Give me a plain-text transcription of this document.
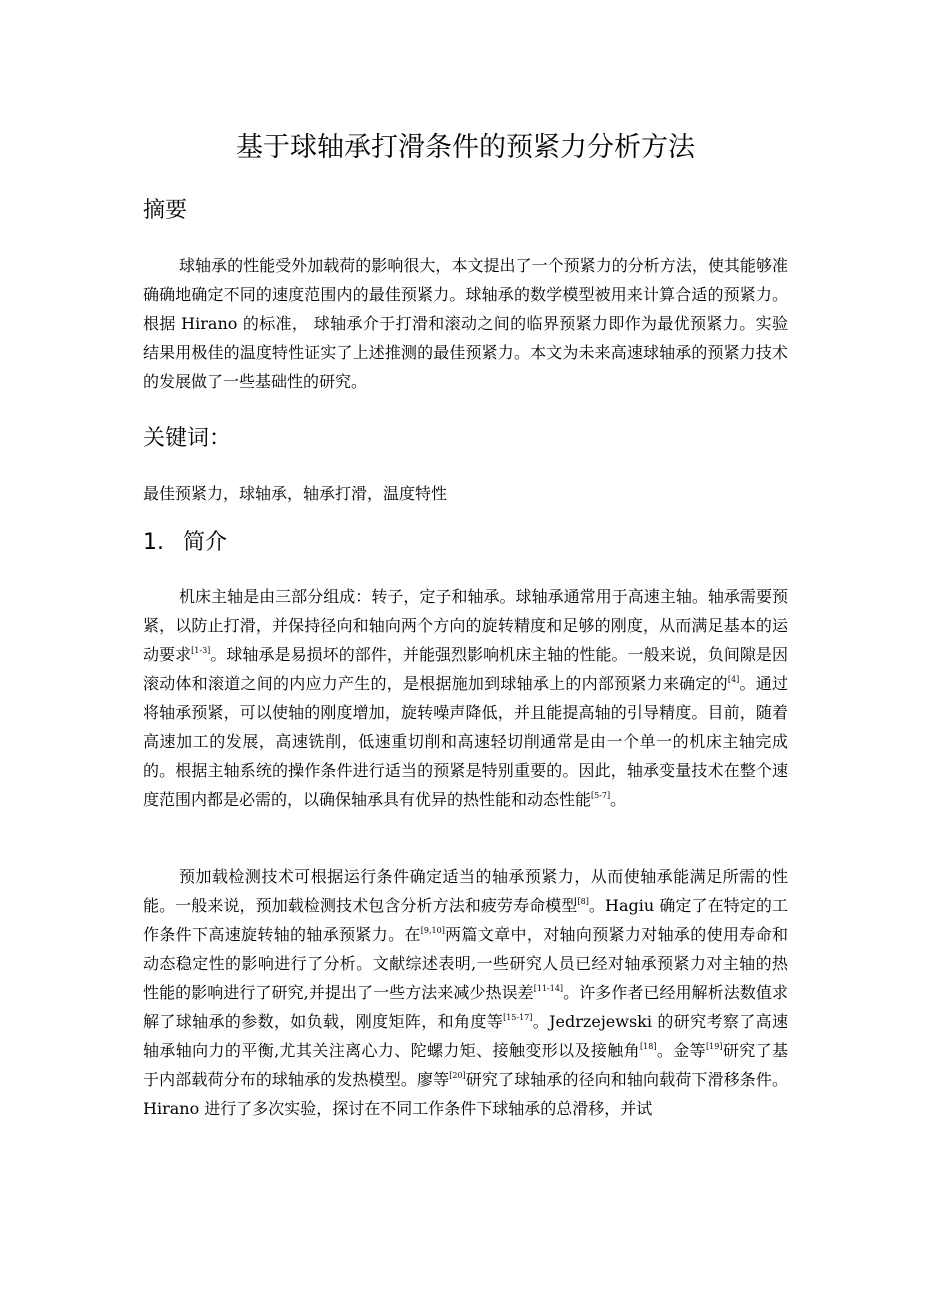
基于球轴承打滑条件的预紧力分析方法
摘要

球轴承的性能受外加载荷的影响很大，本文提出了一个预紧力的分析方法，使其能够准确确地确定不同的速度范围内的最佳预紧力。球轴承的数学模型被用来计算合适的预紧力。根据 Hirano 的标准， 球轴承介于打滑和滚动之间的临界预紧力即作为最优预紧力。实验结果用极佳的温度特性证实了上述推测的最佳预紧力。本文为未来高速球轴承的预紧力技术的发展做了一些基础性的研究。

关键词：

最佳预紧力，球轴承，轴承打滑，温度特性

1. 简介

机床主轴是由三部分组成：转子，定子和轴承。球轴承通常用于高速主轴。轴承需要预紧，以防止打滑，并保持径向和轴向两个方向的旋转精度和足够的刚度，从而满足基本的运动要求[1-3]。球轴承是易损坏的部件，并能强烈影响机床主轴的性能。一般来说，负间隙是因滚动体和滚道之间的内应力产生的，是根据施加到球轴承上的内部预紧力来确定的[4]。通过将轴承预紧，可以使轴的刚度增加，旋转噪声降低，并且能提高轴的引导精度。目前，随着高速加工的发展，高速铣削，低速重切削和高速轻切削通常是由一个单一的机床主轴完成的。根据主轴系统的操作条件进行适当的预紧是特别重要的。因此，轴承变量技术在整个速度范围内都是必需的，以确保轴承具有优异的热性能和动态性能[5-7]。

预加载检测技术可根据运行条件确定适当的轴承预紧力，从而使轴承能满足所需的性能。一般来说，预加载检测技术包含分析方法和疲劳寿命模型[8]。Hagiu 确定了在特定的工作条件下高速旋转轴的轴承预紧力。在[9,10]两篇文章中，对轴向预紧力对轴承的使用寿命和动态稳定性的影响进行了分析。文献综述表明,一些研究人员已经对轴承预紧力对主轴的热性能的影响进行了研究,并提出了一些方法来减少热误差[11-14]。许多作者已经用解析法数值求解了球轴承的参数，如负载，刚度矩阵，和角度等[15-17]。Jedrzejewski 的研究考察了高速轴承轴向力的平衡,尤其关注离心力、陀螺力矩、接触变形以及接触角[18]。金等[19]研究了基于内部载荷分布的球轴承的发热模型。廖等[20]研究了球轴承的径向和轴向载荷下滑移条件。Hirano 进行了多次实验，探讨在不同工作条件下球轴承的总滑移，并试
